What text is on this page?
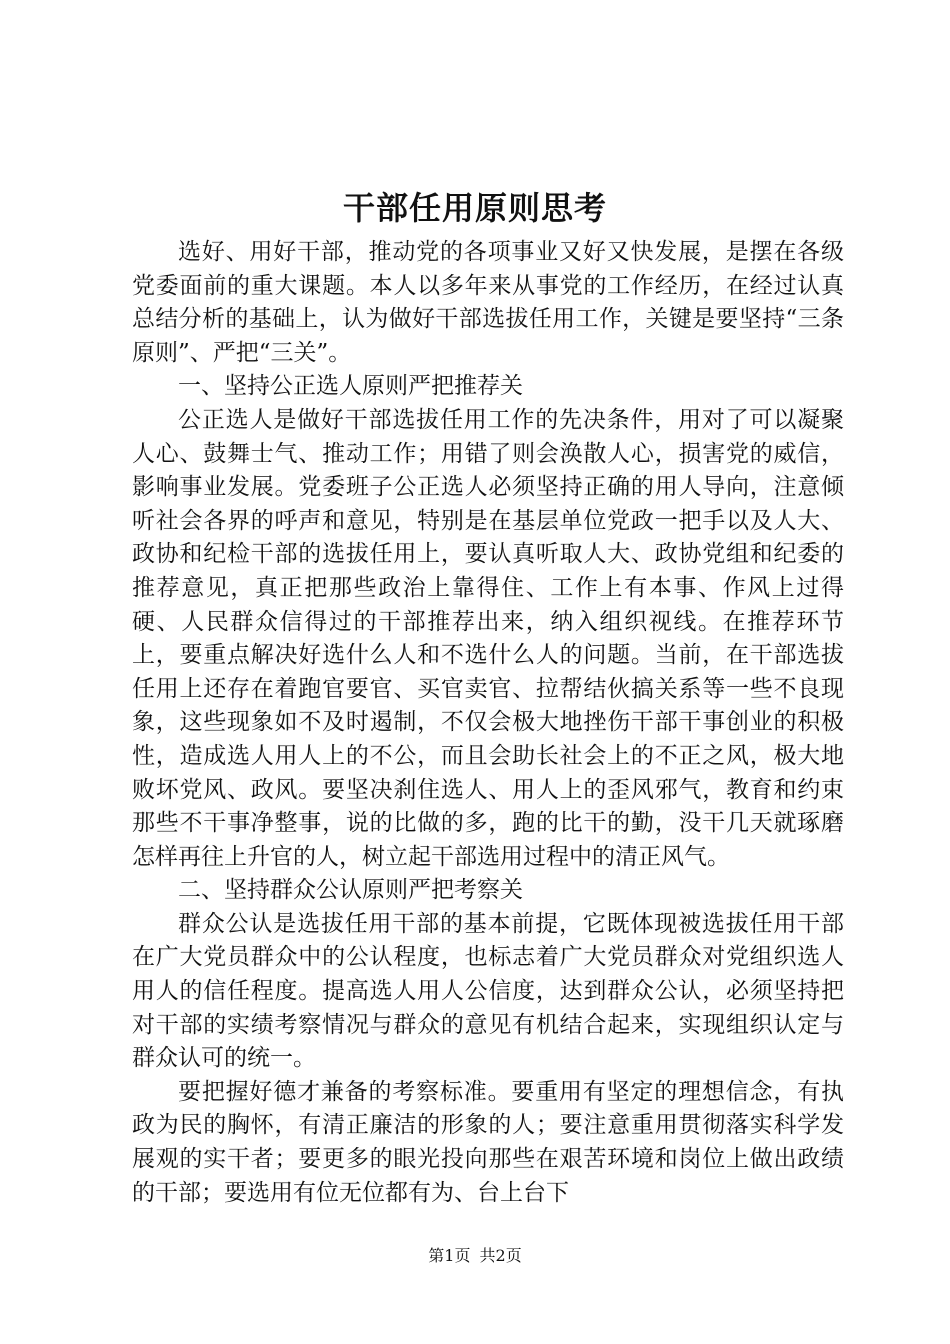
干部任用原则思考

选好、用好干部，推动党的各项事业又好又快发展，是摆在各级党委面前的重大课题。本人以多年来从事党的工作经历，在经过认真总结分析的基础上，认为做好干部选拔任用工作，关键是要坚持“三条原则”、严把“三关”。

一、坚持公正选人原则严把推荐关

公正选人是做好干部选拔任用工作的先决条件，用对了可以凝聚人心、鼓舞士气、推动工作；用错了则会涣散人心，损害党的威信，影响事业发展。党委班子公正选人必须坚持正确的用人导向，注意倾听社会各界的呼声和意见，特别是在基层单位党政一把手以及人大、政协和纪检干部的选拔任用上，要认真听取人大、政协党组和纪委的推荐意见，真正把那些政治上靠得住、工作上有本事、作风上过得硬、人民群众信得过的干部推荐出来，纳入组织视线。在推荐环节上，要重点解决好选什么人和不选什么人的问题。当前，在干部选拔任用上还存在着跑官要官、买官卖官、拉帮结伙搞关系等一些不良现象，这些现象如不及时遏制，不仅会极大地挫伤干部干事创业的积极性，造成选人用人上的不公，而且会助长社会上的不正之风，极大地败坏党风、政风。要坚决刹住选人、用人上的歪风邪气，教育和约束那些不干事净整事，说的比做的多，跑的比干的勤，没干几天就琢磨怎样再往上升官的人，树立起干部选用过程中的清正风气。

二、坚持群众公认原则严把考察关

群众公认是选拔任用干部的基本前提，它既体现被选拔任用干部在广大党员群众中的公认程度，也标志着广大党员群众对党组织选人用人的信任程度。提高选人用人公信度，达到群众公认，必须坚持把对干部的实绩考察情况与群众的意见有机结合起来，实现组织认定与群众认可的统一。

要把握好德才兼备的考察标准。要重用有坚定的理想信念，有执政为民的胸怀，有清正廉洁的形象的人；要注意重用贯彻落实科学发展观的实干者；要更多的眼光投向那些在艰苦环境和岗位上做出政绩的干部；要选用有位无位都有为、台上台下

第1页 共2页
